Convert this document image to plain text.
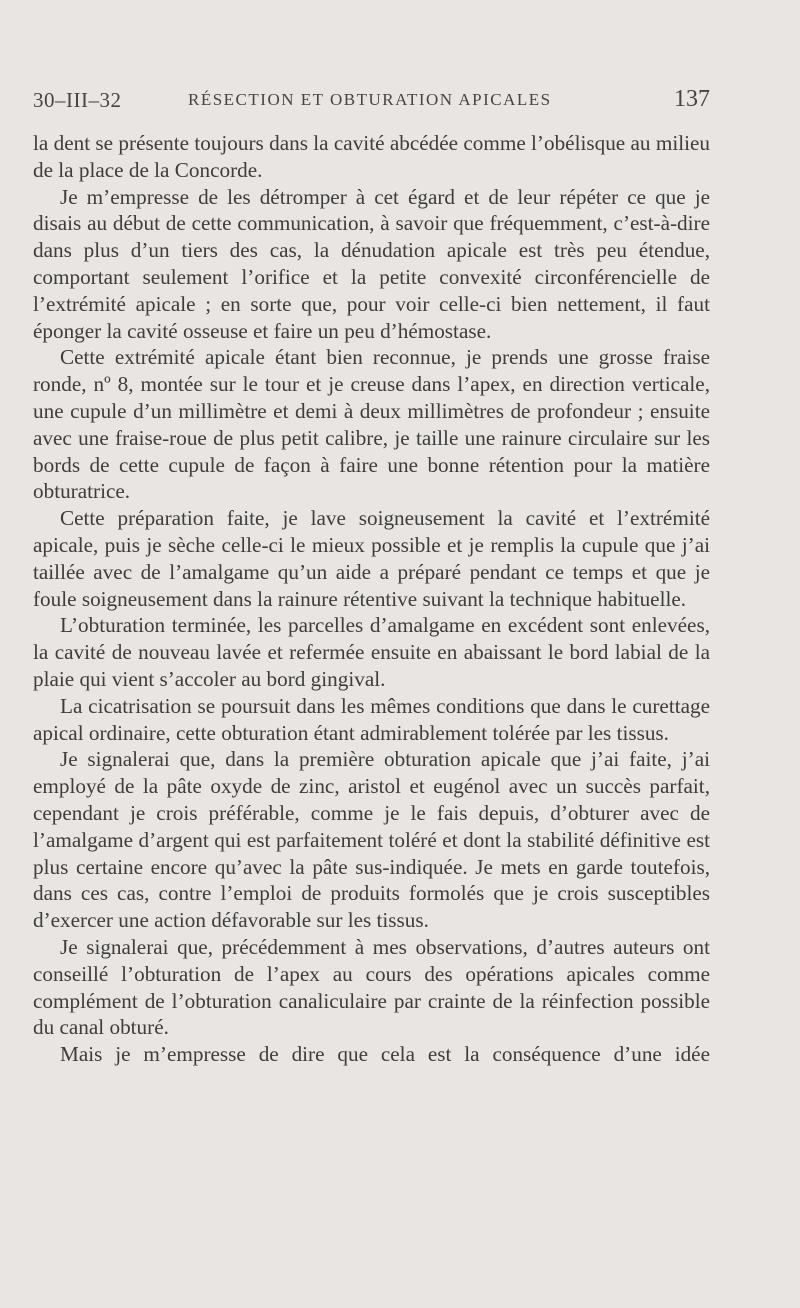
30–III–32	RÉSECTION ET OBTURATION APICALES	137

la dent se présente toujours dans la cavité abcédée comme l’obélisque au milieu de la place de la Concorde.

Je m’empresse de les détromper à cet égard et de leur répéter ce que je disais au début de cette communication, à savoir que fréquemment, c’est-à-dire dans plus d’un tiers des cas, la dénudation apicale est très peu étendue, comportant seulement l’orifice et la petite convexité circonférencielle de l’extrémité apicale ; en sorte que, pour voir celle-ci bien nettement, il faut éponger la cavité osseuse et faire un peu d’hémostase.

Cette extrémité apicale étant bien reconnue, je prends une grosse fraise ronde, nº 8, montée sur le tour et je creuse dans l’apex, en direction verticale, une cupule d’un millimètre et demi à deux millimètres de profondeur ; ensuite avec une fraise-roue de plus petit calibre, je taille une rainure circulaire sur les bords de cette cupule de façon à faire une bonne rétention pour la matière obturatrice.

Cette préparation faite, je lave soigneusement la cavité et l’extrémité apicale, puis je sèche celle-ci le mieux possible et je remplis la cupule que j’ai taillée avec de l’amalgame qu’un aide a préparé pendant ce temps et que je foule soigneusement dans la rainure rétentive suivant la technique habituelle.

L’obturation terminée, les parcelles d’amalgame en excédent sont enlevées, la cavité de nouveau lavée et refermée ensuite en abaissant le bord labial de la plaie qui vient s’accoler au bord gingival.

La cicatrisation se poursuit dans les mêmes conditions que dans le curettage apical ordinaire, cette obturation étant admirablement tolérée par les tissus.

Je signalerai que, dans la première obturation apicale que j’ai faite, j’ai employé de la pâte oxyde de zinc, aristol et eugénol avec un succès parfait, cependant je crois préférable, comme je le fais depuis, d’obturer avec de l’amalgame d’argent qui est parfaitement toléré et dont la stabilité définitive est plus certaine encore qu’avec la pâte sus-indiquée. Je mets en garde toutefois, dans ces cas, contre l’emploi de produits formolés que je crois susceptibles d’exercer une action défavorable sur les tissus.

Je signalerai que, précédemment à mes observations, d’autres auteurs ont conseillé l’obturation de l’apex au cours des opérations apicales comme complément de l’obturation canaliculaire par crainte de la réinfection possible du canal obturé.

Mais je m’empresse de dire que cela est la conséquence d’une idée
